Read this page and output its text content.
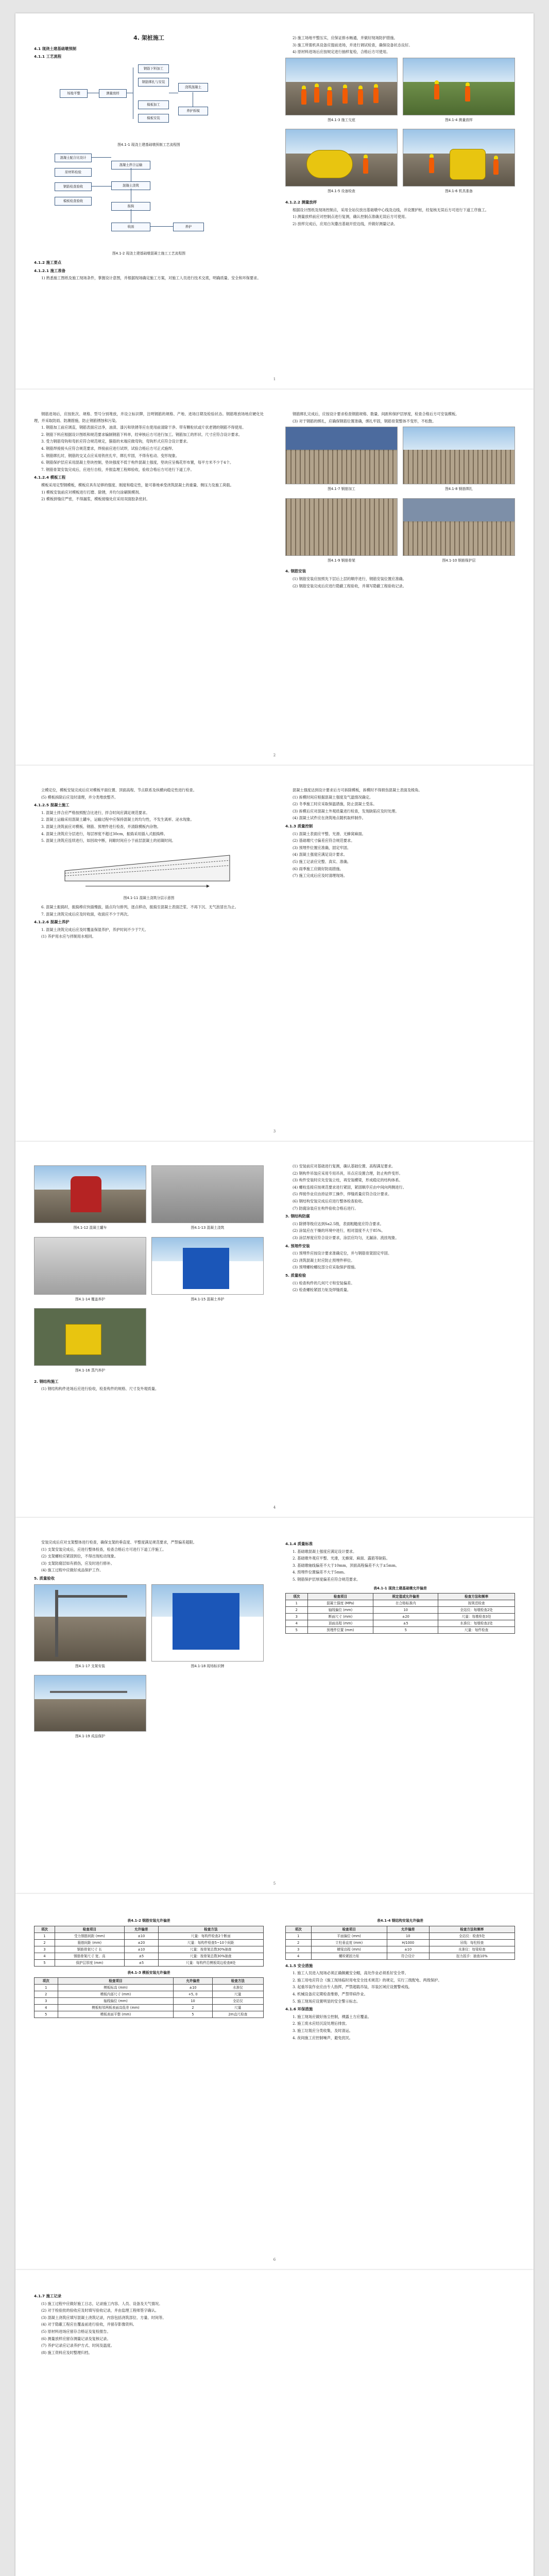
4. 架桩施工
4.1 现浇土建基础墩预制
4.1.1 工艺流程
场地平整	测量放样
钢筋下料加工
钢筋绑扎与安装
模板加工
模板安装
浇筑混凝土
养护拆模
图4.1-1 现浇土建基础墩预制工艺流程图
混凝土配合比设计
原材料检验
钢筋检查验收
模板检查验收
混凝土拌合运输
混凝土浇筑
振捣
收面	养护
图4.1-2 现浇土建基础墩混凝土施工工艺流程图
4.1.2 施工要点
4.1.2.1 施工准备

1) 熟悉施工图纸及施工现场条件，掌握设计意图，并根据现场确定施工方案，对施工人员进行技术交底，明确质量、安全和环保要求。

2) 施工场地平整压实，应保证排水畅通，并做好现场防护措施。

3) 施工所需机具设备应提前进场，并进行调试检查，确保设备状态良好。

4) 原材料进场后应按规定进行抽样复检，合格后方可使用。

图4.1-3 施工交底	图4.1-4 测量放样
图4.1-5 设备检查	图4.1-6 机具准备
4.1.2.2 测量放样

根据设计图纸及现场控制点，采用全站仪放出基础墩中心线及边线，并设置护桩，经复核无误后方可进行下道工序施工。

1) 测量放样前应对控制点进行复测，确认控制点准确无误后方可使用。

2) 放样完成后，应用白灰撒出基础开挖边线，并做好测量记录。

1

钢筋进场后，应按批次、规格、型号分别堆放，并设立标识牌，注明钢筋的规格、产地、进场日期及检验状态。钢筋堆放场地应硬化处理，并采取防雨、防潮措施，防止钢筋锈蚀和污染。

1. 钢筋加工前应调直，钢筋表面应洁净，油渍、漆污和铁锈等应在使用前清除干净。带有颗粒状或片状老锈的钢筋不得使用。

2. 钢筋下料应根据设计图纸和规范要求编制钢筋下料单，经审核后方可进行加工。钢筋加工的形状、尺寸应符合设计要求。

3. 受力钢筋弯钩和弯折应符合规范规定，箍筋的末端应做弯钩，弯钩形式应符合设计要求。

4. 钢筋焊接接头应符合规范要求，焊接前应进行试焊，试验合格后方可正式施焊。

5. 钢筋绑扎时，钢筋的交叉点应采用铁丝扎牢，绑扎牢固，不得有松动、变形现象。

6. 钢筋保护层应采用混凝土垫块控制，垫块强度不低于构件混凝土强度，垫块应呈梅花形布置，每平方米不少于4个。

7. 钢筋骨架安装完成后，应进行自检，并报监理工程师验收，验收合格后方可进行下道工序。

4.1.2.4 模板工程

模板采用定型钢模板，模板应具有足够的强度、刚度和稳定性，能可靠地承受浇筑混凝土的重量、侧压力及施工荷载。

1) 模板安装前应对模板进行打磨、除锈，并均匀涂刷脱模剂。

2) 模板拼缝应严密，不得漏浆，模板接缝处应采用双面胶条密封。

钢筋绑扎完成后，应按设计要求检查钢筋规格、数量、间距和保护层厚度，检查合格后方可安装模板。

(3) 对于钢筋的绑扎，应确保钢筋位置准确，绑扎牢固，钢筋骨架整体不变形，不松散。

图4.1-7 钢筋加工	图4.1-8 钢筋绑扎
图4.1-9 钢筋骨架	图4.1-10 钢筋保护层
4. 钢筋安装

(1) 钢筋安装应按照先下层后上层的顺序进行，钢筋安装位置应准确。

(2) 钢筋安装完成后应进行隐蔽工程验收，并填写隐蔽工程验收记录。

2

立模定位，模板安装完成后应对模板平面位置、顶面高程、节点联系及纵横向稳定性进行检查。

(5) 模板拆除后应及时清理，并分类堆放整齐。

4.1.2.5 混凝土施工

1. 混凝土拌合应严格按照配合比进行，拌合时间应满足规范要求。

2. 混凝土运输采用混凝土罐车，运输过程中应保持混凝土的均匀性，不发生离析、泌水现象。

3. 混凝土浇筑前应对模板、钢筋、预埋件进行检查，并清除模板内杂物。

4. 混凝土浇筑应分层进行，每层厚度不超过30cm，振捣采用插入式振捣棒。

5. 混凝土浇筑应连续进行，如因故中断，间歇时间应小于前层混凝土的初凝时间。

图4.1-11 混凝土浇筑分层示意图

6. 混凝土振捣时，振捣棒应快插慢拔，插点均匀排列，逐点移动，振捣至混凝土表面泛浆、不再下沉、无气泡冒出为止。

7. 混凝土浇筑完成后应及时收面，收面应不少于两次。

4.1.2.6 混凝土养护

1. 混凝土浇筑完成后应及时覆盖保湿养护，养护时间不少于7天。

(1) 养护用水应与拌制用水相同。

混凝土强度达到设计要求后方可拆除模板，拆模时不得损伤混凝土表面及棱角。

(1) 拆模时间应根据混凝土强度及气温情况确定。

(2) 冬季施工时应采取保温措施，防止混凝土受冻。

(3) 拆模后应对混凝土外观质量进行检查，发现缺陷应及时处理。

(4) 混凝土试件应在浇筑地点随机取样制作。

4.1.3 质量控制

(1) 混凝土表面应平整、光滑、无蜂窝麻面。

(2) 基础墩尺寸偏差应符合规范要求。

(3) 预埋件位置应准确，固定牢固。

(4) 混凝土强度应满足设计要求。

(5) 施工记录应完整、真实、准确。

(6) 雨季施工应做好防雨措施。

(7) 施工完成后应及时清理现场。

3
图4.1-12 混凝土罐车	图4.1-13 混凝土浇筑
图4.1-14 覆盖养护	图4.1-15 混凝土养护
图4.1-16 蒸汽养护
2. 钢结构施工

(1) 钢结构构件进场后应进行验收，检查构件的规格、尺寸及外观质量。

(1) 安装前应对基础进行复测，确认基础位置、高程满足要求。

(2) 钢构件吊装应采用专用吊具，吊点应设置合理，防止构件变形。

(3) 构件安装时应先安装立柱，再安装横梁，形成稳定的结构体系。

(4) 螺栓连接应按规范要求进行紧固，紧固顺序应由中间向两侧进行。

(5) 焊接作业应由持证焊工操作，焊缝质量应符合设计要求。

(6) 钢结构安装完成后应进行整体检查验收。

(7) 防腐涂装应在构件验收合格后进行。

3. 钢结构防腐

(1) 除锈等级应达到Sa2.5级，表面粗糙度应符合要求。

(2) 涂装应在干燥的环境中进行，相对湿度不大于85%。

(3) 涂层厚度应符合设计要求，涂层应均匀，无漏涂、流挂现象。

4. 预埋件安装

(1) 预埋件应按设计要求准确定位，并与钢筋骨架固定牢固。

(2) 浇筑混凝土时应防止预埋件移位。

(3) 预埋螺栓螺纹部分应采取保护措施。

5. 质量检验

(1) 检查构件的几何尺寸和安装偏差。

(2) 检查螺栓紧固力矩及焊缝质量。

4

安装完成后应对支架整体进行检查，确保支架的垂直度、平整度满足规范要求，严禁偏差超限。

(1) 支架安装完成后，应进行整体检查，检查合格后方可进行下道工序施工。

(2) 支架螺栓应紧固到位，不得出现松动现象。

(3) 支架防腐层如有损伤，应及时进行修补。

(4) 施工过程中应做好成品保护工作。

5. 质量验收
图4.1-17 支架安装	图4.1-18 现场标识牌
图4.1-19 成品保护
4.1.4 质量标准

1. 基础墩混凝土强度应满足设计要求。

2. 基础墩外观应平整、光滑，无蜂窝、麻面、露筋等缺陷。

3. 基础墩轴线偏差不大于10mm，顶面高程偏差不大于±5mm。

4. 预埋件位置偏差不大于5mm。

5. 钢筋保护层厚度偏差应符合规范要求。

表4.1-1 现浇土建基础墩允许偏差
项次	检查项目	规定值或允许偏差	检查方法和频率
1	混凝土强度 (MPa)	在合格标准内	按规范检查
2	轴线偏位 (mm)	10	全站仪：每墩检查2处
3	断面尺寸 (mm)	±20	尺量：每墩检查3处
4	顶面高程 (mm)	±5	水准仪：每墩检查2处
5	预埋件位置 (mm)	5	尺量：每件检查
5
表4.1-2 钢筋安装允许偏差
项次	检查项目	允许偏差	检查方法
1	受力钢筋间距 (mm)	±10	尺量：每构件检查2个断面
2	箍筋间距 (mm)	±20	尺量：每构件检查5~10个间距
3	钢筋骨架尺寸 长	±10	尺量：按骨架总数30%抽查
4	钢筋骨架尺寸 宽、高	±5	尺量：按骨架总数30%抽查
5	保护层厚度 (mm)	±5	尺量：每构件沿模板周边检查8处
表4.1-3 模板安装允许偏差
项次	检查项目	允许偏差	检查方法
1	模板标高 (mm)	±10	水准仪
2	模板内部尺寸 (mm)	+5, 0	尺量
3	轴线偏位 (mm)	10	全站仪
4	模板相邻两板表面高低差 (mm)	2	尺量
5	模板表面平整 (mm)	5	2m直尺检查
表4.1-4 钢结构安装允许偏差
项次	检查项目	允许偏差	检查方法和频率
1	平面偏位 (mm)	10	全站仪：检查5处
2	立柱垂直度 (mm)	H/1000	吊线：每柱检查
3	横梁高程 (mm)	±10	水准仪：每梁检查
4	螺栓紧固力矩	符合设计	扭力扳手：抽查10%
4.1.5 安全措施

1. 施工人员进入现场必须正确佩戴安全帽，高处作业必须系好安全带。

2. 施工用电应符合《施工现场临时用电安全技术规范》的规定，实行三级配电、两级保护。

3. 起重吊装作业应由专人指挥，严禁超载吊装，吊装区域应设置警戒线。

4. 机械设备应定期检查维修，严禁带病作业。

5. 施工现场应设置明显的安全警示标志。

4.1.6 环保措施

1. 施工现场应做好扬尘控制，裸露土方应覆盖。

2. 施工废水应经沉淀处理后排放。

3. 施工垃圾应分类收集，及时清运。

4. 夜间施工应控制噪声，避免扰民。

6
4.1.7 施工记录

(1) 施工过程中应做好施工日志，记录施工内容、人员、设备及天气情况。

(2) 对于检验批的验收应及时填写验收记录，并由监理工程师签字确认。

(3) 混凝土浇筑应填写混凝土浇筑记录，内容包括浇筑部位、方量、时间等。

(4) 对于隐蔽工程应在覆盖前进行验收，并留存影像资料。

(5) 原材料进场应留存合格证及复检报告。

(6) 测量放样应留存测量记录及复核记录。

(7) 养护记录应记录养护方式、时间及温度。

(8) 施工资料应及时整理归档。
